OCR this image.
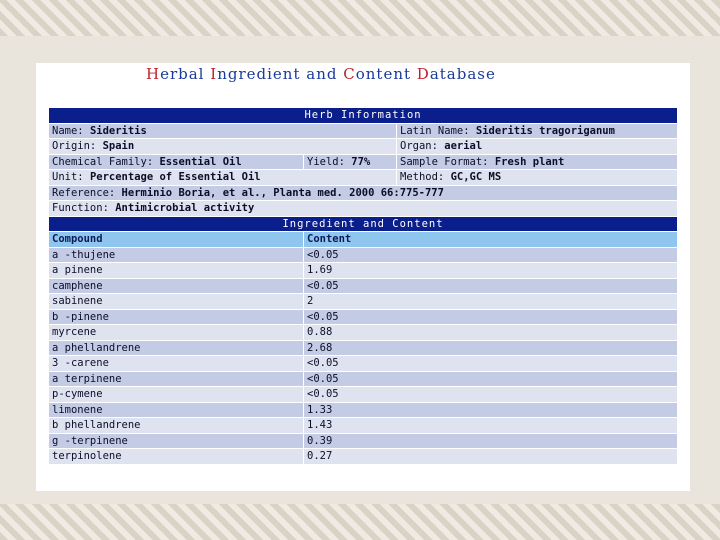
Herbal Ingredient and Content Database
Herb Information		
Name: Sideritis		Latin Name: Sideritis tragoriganum
Origin: Spain		Organ: aerial
Chemical Family: Essential Oil	Yield: 77%	Sample Format: Fresh plant
Unit: Percentage of Essential Oil		Method: GC,GC MS
Reference: Herminio Boria, et al., Planta med. 2000 66:775-777		
Function: Antimicrobial activity		
Ingredient and Content		
Compound	Content	
a -thujene	<0.05	
a pinene	1.69	
camphene	<0.05	
sabinene	2	
b -pinene	<0.05	
myrcene	0.88	
a phellandrene	2.68	
3 -carene	<0.05	
a terpinene	<0.05	
p-cymene	<0.05	
limonene	1.33	
b phellandrene	1.43	
g -terpinene	0.39	
terpinolene	0.27	
